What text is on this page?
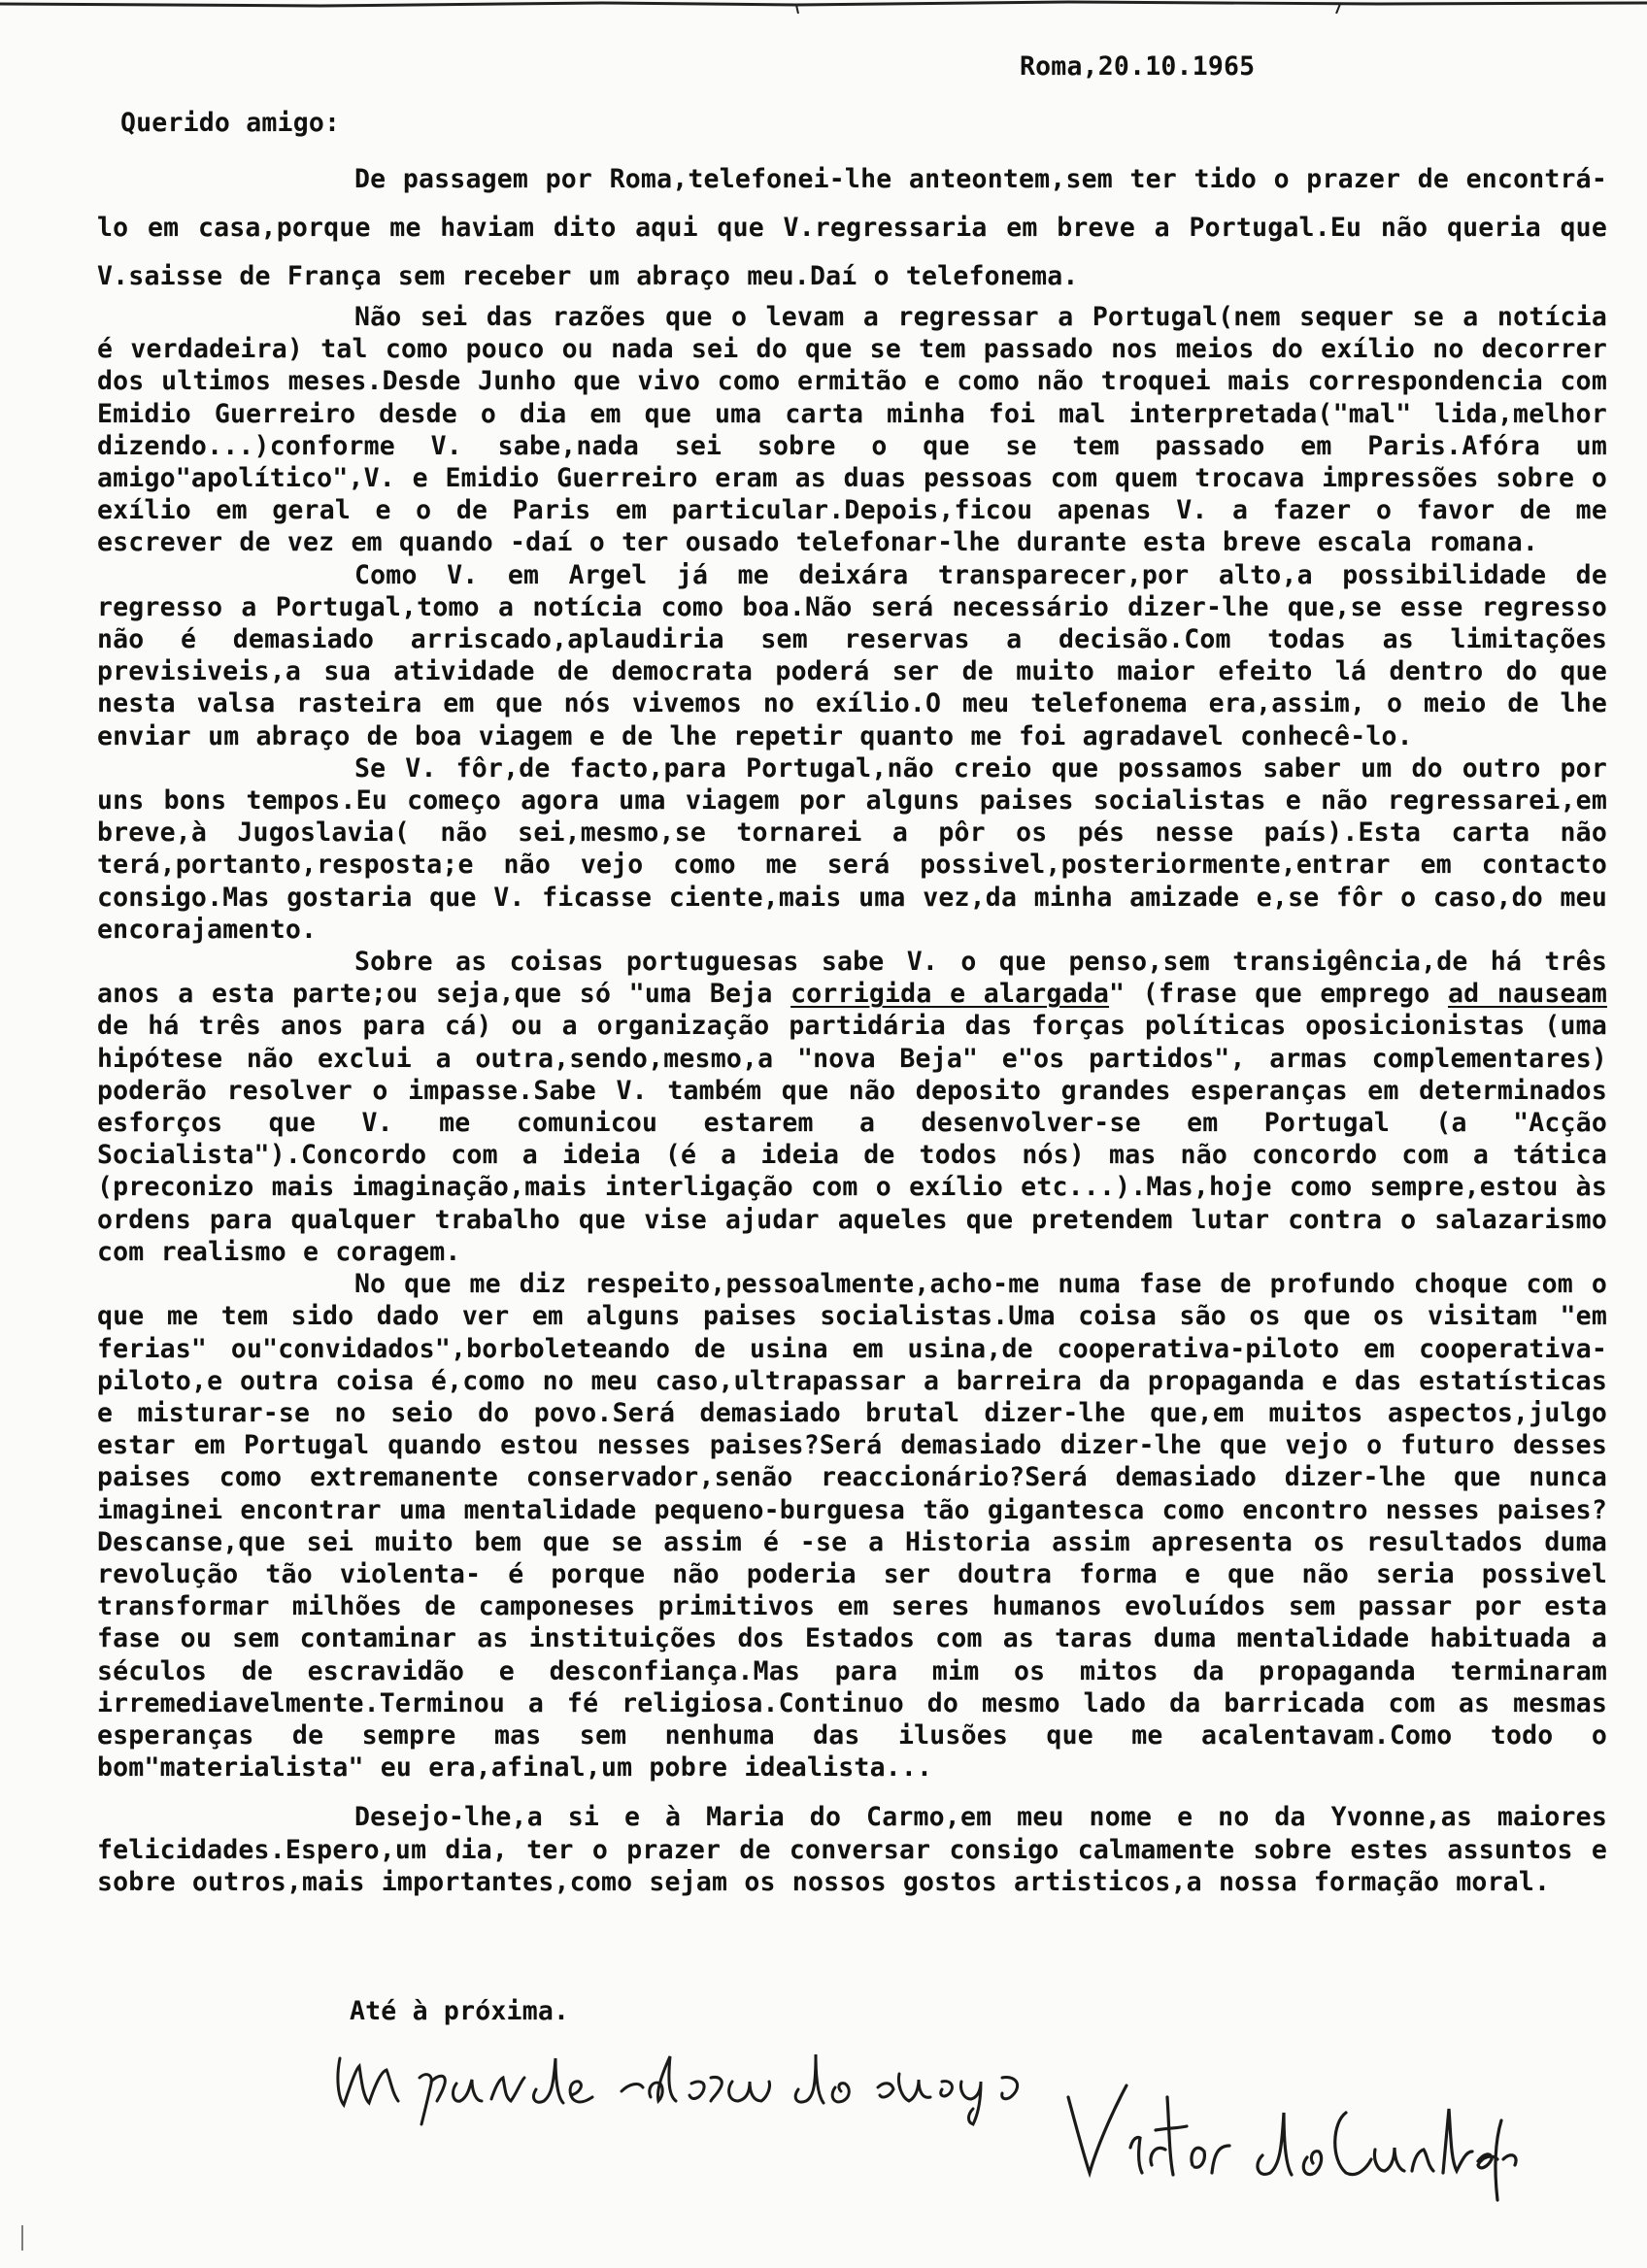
Roma,20.10.1965
Querido amigo:

De passagem por Roma,telefonei-lhe anteontem,sem ter tido o prazer de encontrá-lo em casa,porque me haviam dito aqui que V.regressaria em breve a Portugal.Eu não queria que V.saisse de França sem receber um abraço meu.Daí o telefonema.

Não sei das razões que o levam a regressar a Portugal(nem sequer se a notícia é verdadeira) tal como pouco ou nada sei do que se tem passado nos meios do exílio no decorrer dos ultimos meses.Desde Junho que vivo como ermitão e como não troquei mais correspondencia com Emidio Guerreiro desde o dia em que uma carta minha foi mal interpretada("mal" lida,melhor dizendo...)conforme V. sabe,nada sei sobre o que se tem passado em Paris.Afóra um amigo"apolítico",V. e Emidio Guerreiro eram as duas pessoas com quem trocava impressões sobre o exílio em geral e o de Paris em particular.Depois,ficou apenas V. a fazer o favor de me escrever de vez em quando -daí o ter ousado telefonar-lhe durante esta breve escala romana.

Como V. em Argel já me deixára transparecer,por alto,a possibilidade de regresso a Portugal,tomo a notícia como boa.Não será necessário dizer-lhe que,se esse regresso não é demasiado arriscado,aplaudiria sem reservas a decisão.Com todas as limitações previsiveis,a sua atividade de democrata poderá ser de muito maior efeito lá dentro do que nesta valsa rasteira em que nós vivemos no exílio.O meu telefonema era,assim, o meio de lhe enviar um abraço de boa viagem e de lhe repetir quanto me foi agradavel conhecê-lo.

Se V. fôr,de facto,para Portugal,não creio que possamos saber um do outro por uns bons tempos.Eu começo agora uma viagem por alguns paises socialistas e não regressarei,em breve,à Jugoslavia( não sei,mesmo,se tornarei a pôr os pés nesse país).Esta carta não terá,portanto,resposta;e não vejo como me será possivel,posteriormente,entrar em contacto consigo.Mas gostaria que V. ficasse ciente,mais uma vez,da minha amizade e,se fôr o caso,do meu encorajamento.

Sobre as coisas portuguesas sabe V. o que penso,sem transigência,de há três anos a esta parte;ou seja,que só "uma Beja corrigida e alargada" (frase que emprego ad nauseam de há três anos para cá) ou a organização partidária das forças políticas oposicionistas (uma hipótese não exclui a outra,sendo,mesmo,a "nova Beja" e"os partidos", armas complementares) poderão resolver o impasse.Sabe V. também que não deposito grandes esperanças em determinados esforços que V. me comunicou estarem a desenvolver-se em Portugal (a "Acção Socialista").Concordo com a ideia (é a ideia de todos nós) mas não concordo com a tática (preconizo mais imaginação,mais interligação com o exílio etc...).Mas,hoje como sempre,estou às ordens para qualquer trabalho que vise ajudar aqueles que pretendem lutar contra o salazarismo com realismo e coragem.

No que me diz respeito,pessoalmente,acho-me numa fase de profundo choque com o que me tem sido dado ver em alguns paises socialistas.Uma coisa são os que os visitam "em ferias" ou"convidados",borboleteando de usina em usina,de cooperativa-piloto em cooperativa-piloto,e outra coisa é,como no meu caso,ultrapassar a barreira da propaganda e das estatísticas e misturar-se no seio do povo.Será demasiado brutal dizer-lhe que,em muitos aspectos,julgo estar em Portugal quando estou nesses paises?Será demasiado dizer-lhe que vejo o futuro desses paises como extremanente conservador,senão reaccionário?Será demasiado dizer-lhe que nunca imaginei encontrar uma mentalidade pequeno-burguesa tão gigantesca como encontro nesses paises?Descanse,que sei muito bem que se assim é -se a Historia assim apresenta os resultados duma revolução tão violenta- é porque não poderia ser doutra forma e que não seria possivel transformar milhões de camponeses primitivos em seres humanos evoluídos sem passar por esta fase ou sem contaminar as instituições dos Estados com as taras duma mentalidade habituada a séculos de escravidão e desconfiança.Mas para mim os mitos da propaganda terminaram irremediavelmente.Terminou a fé religiosa.Continuo do mesmo lado da barricada com as mesmas esperanças de sempre mas sem nenhuma das ilusões que me acalentavam.Como todo o bom"materialista" eu era,afinal,um pobre idealista...

Desejo-lhe,a si e à Maria do Carmo,em meu nome e no da Yvonne,as maiores felicidades.Espero,um dia, ter o prazer de conversar consigo calmamente sobre estes assuntos e sobre outros,mais importantes,como sejam os nossos gostos artisticos,a nossa formação moral.

Até à próxima.
